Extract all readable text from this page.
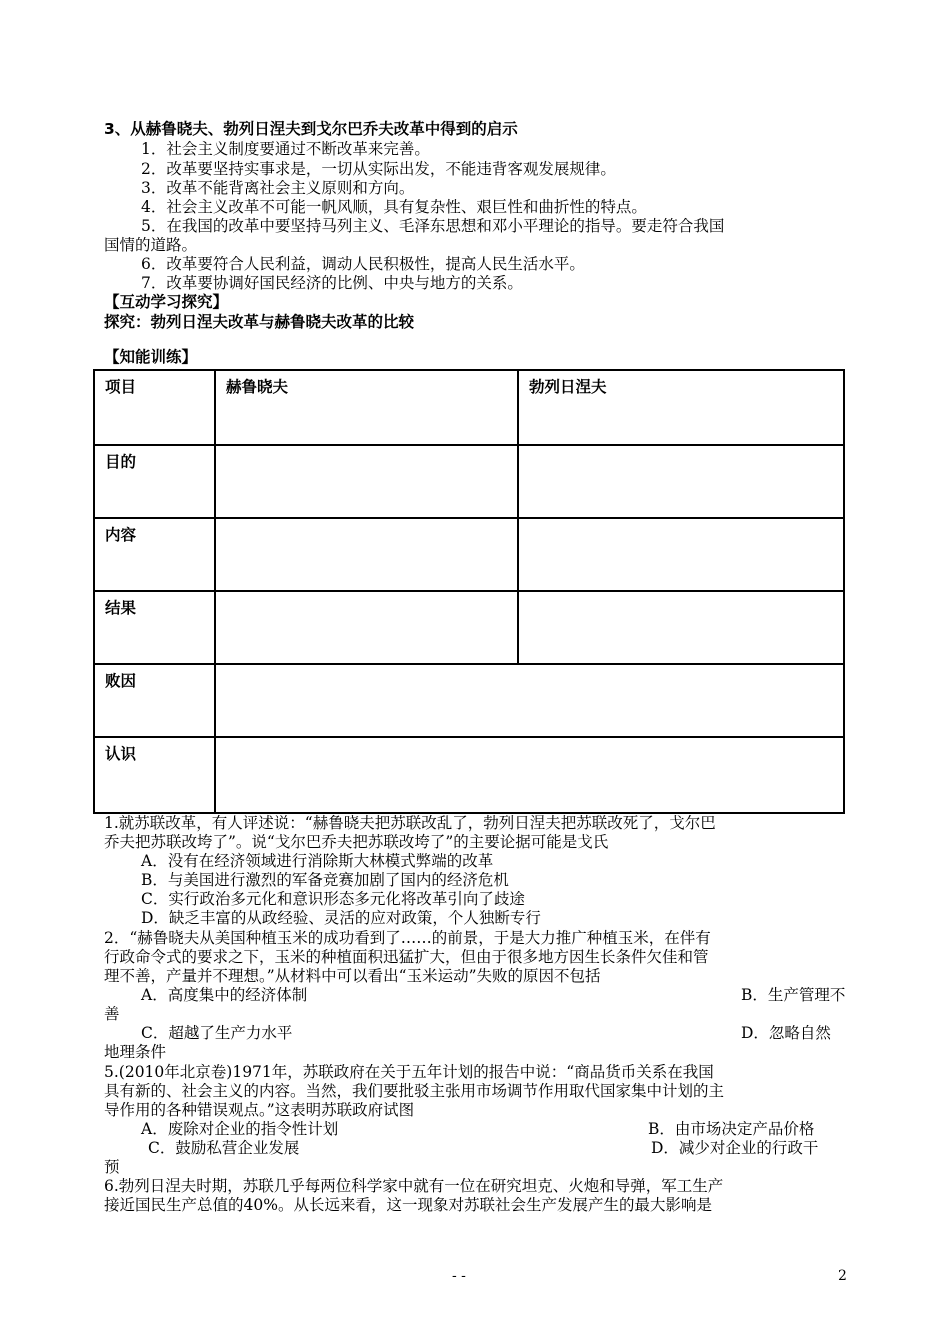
3、从赫鲁晓夫、勃列日涅夫到戈尔巴乔夫改革中得到的启示
1．社会主义制度要通过不断改革来完善。
2．改革要坚持实事求是，一切从实际出发，不能违背客观发展规律。
3．改革不能背离社会主义原则和方向。
4．社会主义改革不可能一帆风顺，具有复杂性、艰巨性和曲折性的特点。
5．在我国的改革中要坚持马列主义、毛泽东思想和邓小平理论的指导。要走符合我国
国情的道路。
6．改革要符合人民利益，调动人民积极性，提高人民生活水平。
7．改革要协调好国民经济的比例、中央与地方的关系。
【互动学习探究】
探究：勃列日涅夫改革与赫鲁晓夫改革的比较
【知能训练】
项目	赫鲁晓夫	勃列日涅夫
目的		
内容		
结果		
败因		
认识		
1.就苏联改革，有人评述说：“赫鲁晓夫把苏联改乱了，勃列日涅夫把苏联改死了，戈尔巴
乔夫把苏联改垮了”。说“戈尔巴乔夫把苏联改垮了”的主要论据可能是戈氏
A．没有在经济领域进行消除斯大林模式弊端的改革
B．与美国进行激烈的军备竞赛加剧了国内的经济危机
C．实行政治多元化和意识形态多元化将改革引向了歧途
D．缺乏丰富的从政经验、灵活的应对政策，个人独断专行
2．“赫鲁晓夫从美国种植玉米的成功看到了……的前景，于是大力推广种植玉米，在伴有
行政命令式的要求之下，玉米的种植面积迅猛扩大，但由于很多地方因生长条件欠佳和管
理不善，产量并不理想。”从材料中可以看出“玉米运动”失败的原因不包括
A．高度集中的经济体制	B．生产管理不
善
C．超越了生产力水平	D．忽略自然
地理条件
5.(2010年北京卷)1971年，苏联政府在关于五年计划的报告中说：“商品货币关系在我国
具有新的、社会主义的内容。当然，我们要批驳主张用市场调节作用取代国家集中计划的主
导作用的各种错误观点。”这表明苏联政府试图
A．废除对企业的指令性计划	B．由市场决定产品价格
C．鼓励私营企业发展	D．减少对企业的行政干
预
6.勃列日涅夫时期，苏联几乎每两位科学家中就有一位在研究坦克、火炮和导弹，军工生产
接近国民生产总值的40%。从长远来看，这一现象对苏联社会生产发展产生的最大影响是
- -	2
